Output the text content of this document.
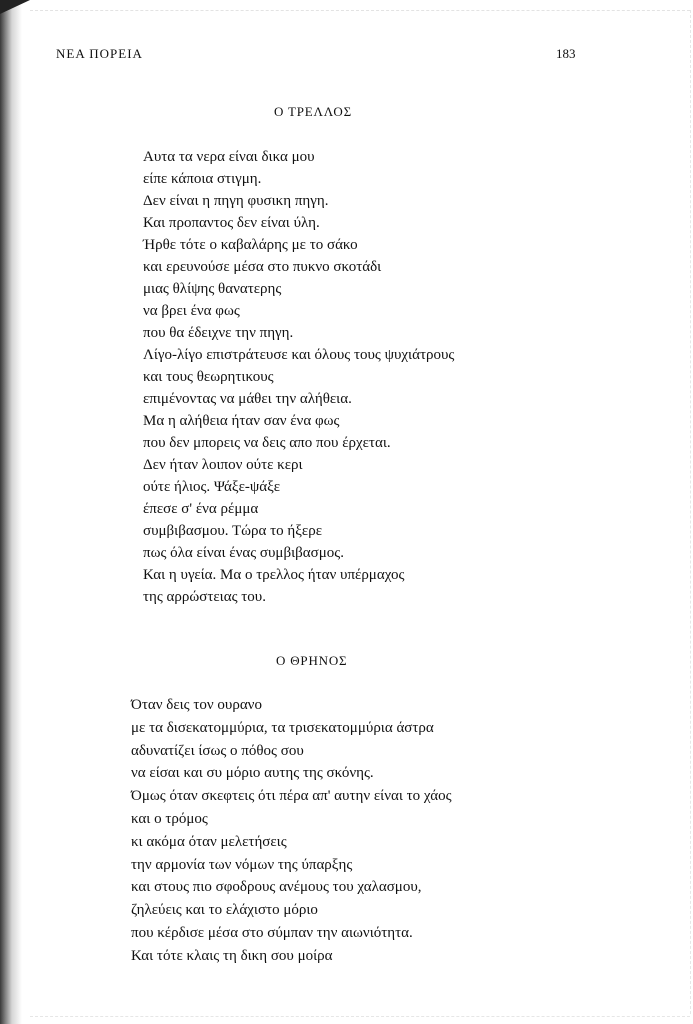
ΝΕΑ ΠΟΡΕΙΑ	183
Ο ΤΡΕΛΛΟΣ
Αυτα τα νερα είναι δικα μου
είπε κάποια στιγμη.
Δεν είναι η πηγη φυσικη πηγη.
Και προπαντος δεν είναι ύλη.
Ήρθε τότε ο καβαλάρης με το σάκο
και ερευνούσε μέσα στο πυκνο σκοτάδι
μιας θλίψης θανατερης
να βρει ένα φως
που θα έδειχνε την πηγη.
Λίγο-λίγο επιστράτευσε και όλους τους ψυχιάτρους
και τους θεωρητικους
επιμένοντας να μάθει την αλήθεια.
Μα η αλήθεια ήταν σαν ένα φως
που δεν μπορεις να δεις απο που έρχεται.
Δεν ήταν λοιπον ούτε κερι
ούτε ήλιος. Ψάξε-ψάξε
έπεσε σ' ένα ρέμμα
συμβιβασμου. Τώρα το ήξερε
πως όλα είναι ένας συμβιβασμος.
Και η υγεία. Μα ο τρελλος ήταν υπέρμαχος
της αρρώστειας του.
Ο ΘΡΗΝΟΣ
Όταν δεις τον ουρανο
με τα δισεκατομμύρια, τα τρισεκατομμύρια άστρα
αδυνατίζει ίσως ο πόθος σου
να είσαι και συ μόριο αυτης της σκόνης.
Όμως όταν σκεφτεις ότι πέρα απ' αυτην είναι το χάος
και ο τρόμος
κι ακόμα όταν μελετήσεις
την αρμονία των νόμων της ύπαρξης
και στους πιο σφοδρους ανέμους του χαλασμου,
ζηλεύεις και το ελάχιστο μόριο
που κέρδισε μέσα στο σύμπαν την αιωνιότητα.
Και τότε κλαις τη δικη σου μοίρα
